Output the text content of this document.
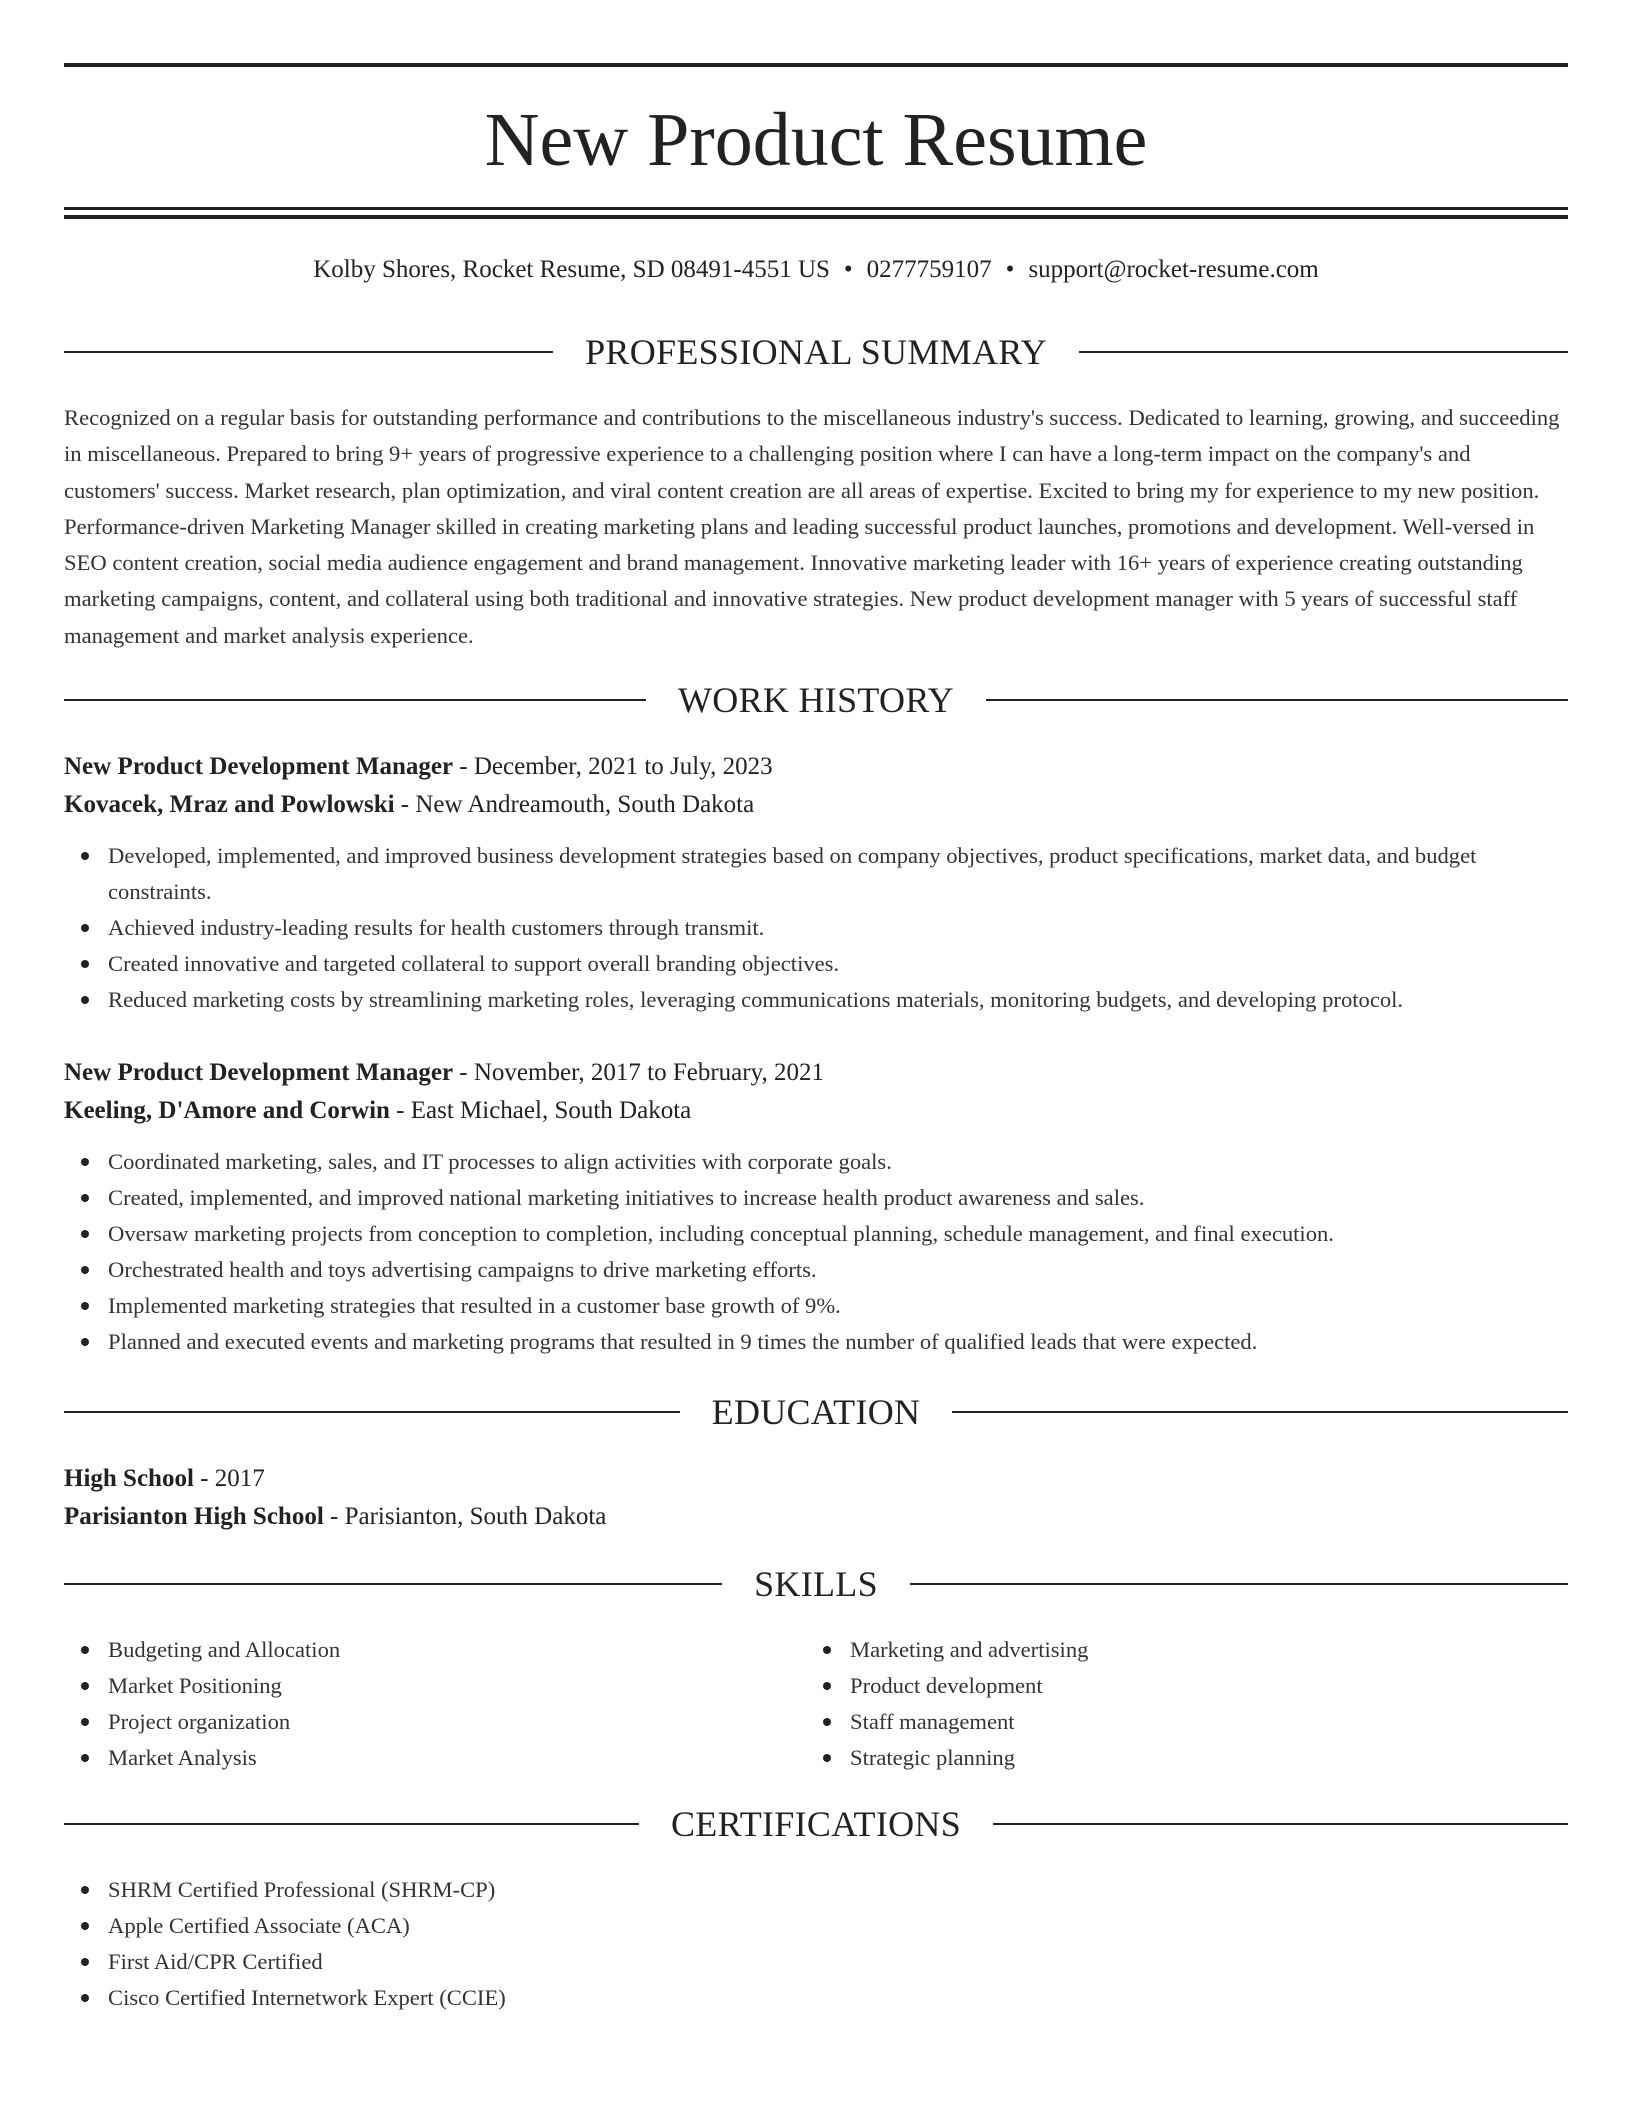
New Product Resume
Kolby Shores, Rocket Resume, SD 08491-4551 US • 0277759107 • support@rocket-resume.com
PROFESSIONAL SUMMARY

Recognized on a regular basis for outstanding performance and contributions to the miscellaneous industry's success. Dedicated to learning, growing, and succeeding in miscellaneous. Prepared to bring 9+ years of progressive experience to a challenging position where I can have a long-term impact on the company's and customers' success. Market research, plan optimization, and viral content creation are all areas of expertise. Excited to bring my for experience to my new position. Performance-driven Marketing Manager skilled in creating marketing plans and leading successful product launches, promotions and development. Well-versed in SEO content creation, social media audience engagement and brand management. Innovative marketing leader with 16+ years of experience creating outstanding marketing campaigns, content, and collateral using both traditional and innovative strategies. New product development manager with 5 years of successful staff management and market analysis experience.

WORK HISTORY
New Product Development Manager - December, 2021 to July, 2023
Kovacek, Mraz and Powlowski - New Andreamouth, South Dakota
Developed, implemented, and improved business development strategies based on company objectives, product specifications, market data, and budget constraints.
Achieved industry-leading results for health customers through transmit.
Created innovative and targeted collateral to support overall branding objectives.
Reduced marketing costs by streamlining marketing roles, leveraging communications materials, monitoring budgets, and developing protocol.
New Product Development Manager - November, 2017 to February, 2021
Keeling, D'Amore and Corwin - East Michael, South Dakota
Coordinated marketing, sales, and IT processes to align activities with corporate goals.
Created, implemented, and improved national marketing initiatives to increase health product awareness and sales.
Oversaw marketing projects from conception to completion, including conceptual planning, schedule management, and final execution.
Orchestrated health and toys advertising campaigns to drive marketing efforts.
Implemented marketing strategies that resulted in a customer base growth of 9%.
Planned and executed events and marketing programs that resulted in 9 times the number of qualified leads that were expected.
EDUCATION
High School - 2017
Parisianton High School - Parisianton, South Dakota
SKILLS
Budgeting and Allocation
Market Positioning
Project organization
Market Analysis
Marketing and advertising
Product development
Staff management
Strategic planning
CERTIFICATIONS
SHRM Certified Professional (SHRM-CP)
Apple Certified Associate (ACA)
First Aid/CPR Certified
Cisco Certified Internetwork Expert (CCIE)
